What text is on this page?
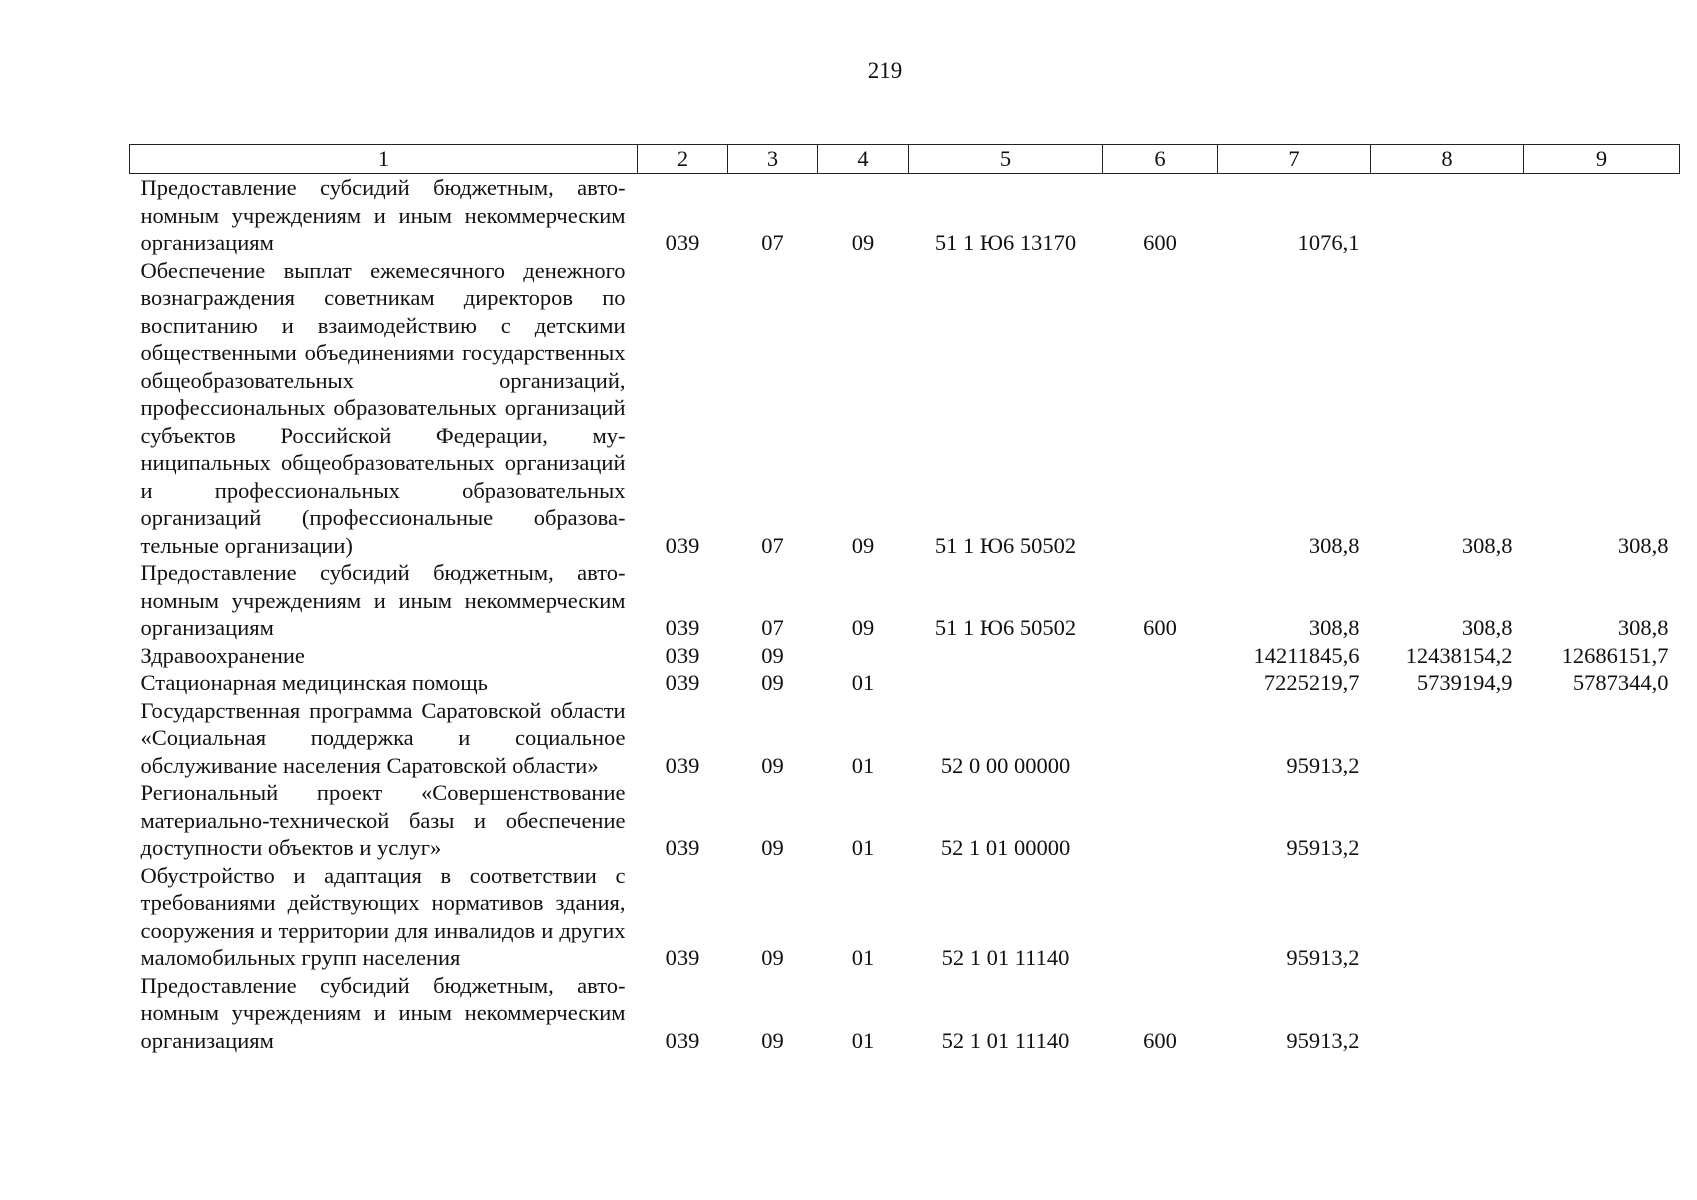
219
1	2	3	4	5	6	7	8	9
Предоставление субсидий бюджетным, автономным учреждениям и иным некоммерческим организациям	039	07	09	51 1 Ю6 13170	600	1076,1		
Обеспечение выплат ежемесячного денежного вознаграждения советникам директоров по воспитанию и взаимодействию с детскими общественными объединениями государственных общеобразовательных организаций, профессиональных образовательных организаций субъектов Российской Федерации, муниципальных общеобразовательных организаций и профессиональных образовательных организаций (профессиональные образовательные организации)	039	07	09	51 1 Ю6 50502		308,8	308,8	308,8
Предоставление субсидий бюджетным, автономным учреждениям и иным некоммерческим организациям	039	07	09	51 1 Ю6 50502	600	308,8	308,8	308,8
Здравоохранение	039	09				14211845,6	12438154,2	12686151,7
Стационарная медицинская помощь	039	09	01			7225219,7	5739194,9	5787344,0
Государственная программа Саратовской области «Социальная поддержка и социальное обслуживание населения Саратовской области»	039	09	01	52 0 00 00000		95913,2		
Региональный проект «Совершенствование материально-технической базы и обеспечение доступности объектов и услуг»	039	09	01	52 1 01 00000		95913,2		
Обустройство и адаптация в соответствии с требованиями действующих нормативов здания, сооружения и территории для инвалидов и других маломобильных групп населения	039	09	01	52 1 01 11140		95913,2		
Предоставление субсидий бюджетным, автономным учреждениям и иным некоммерческим организациям	039	09	01	52 1 01 11140	600	95913,2		
